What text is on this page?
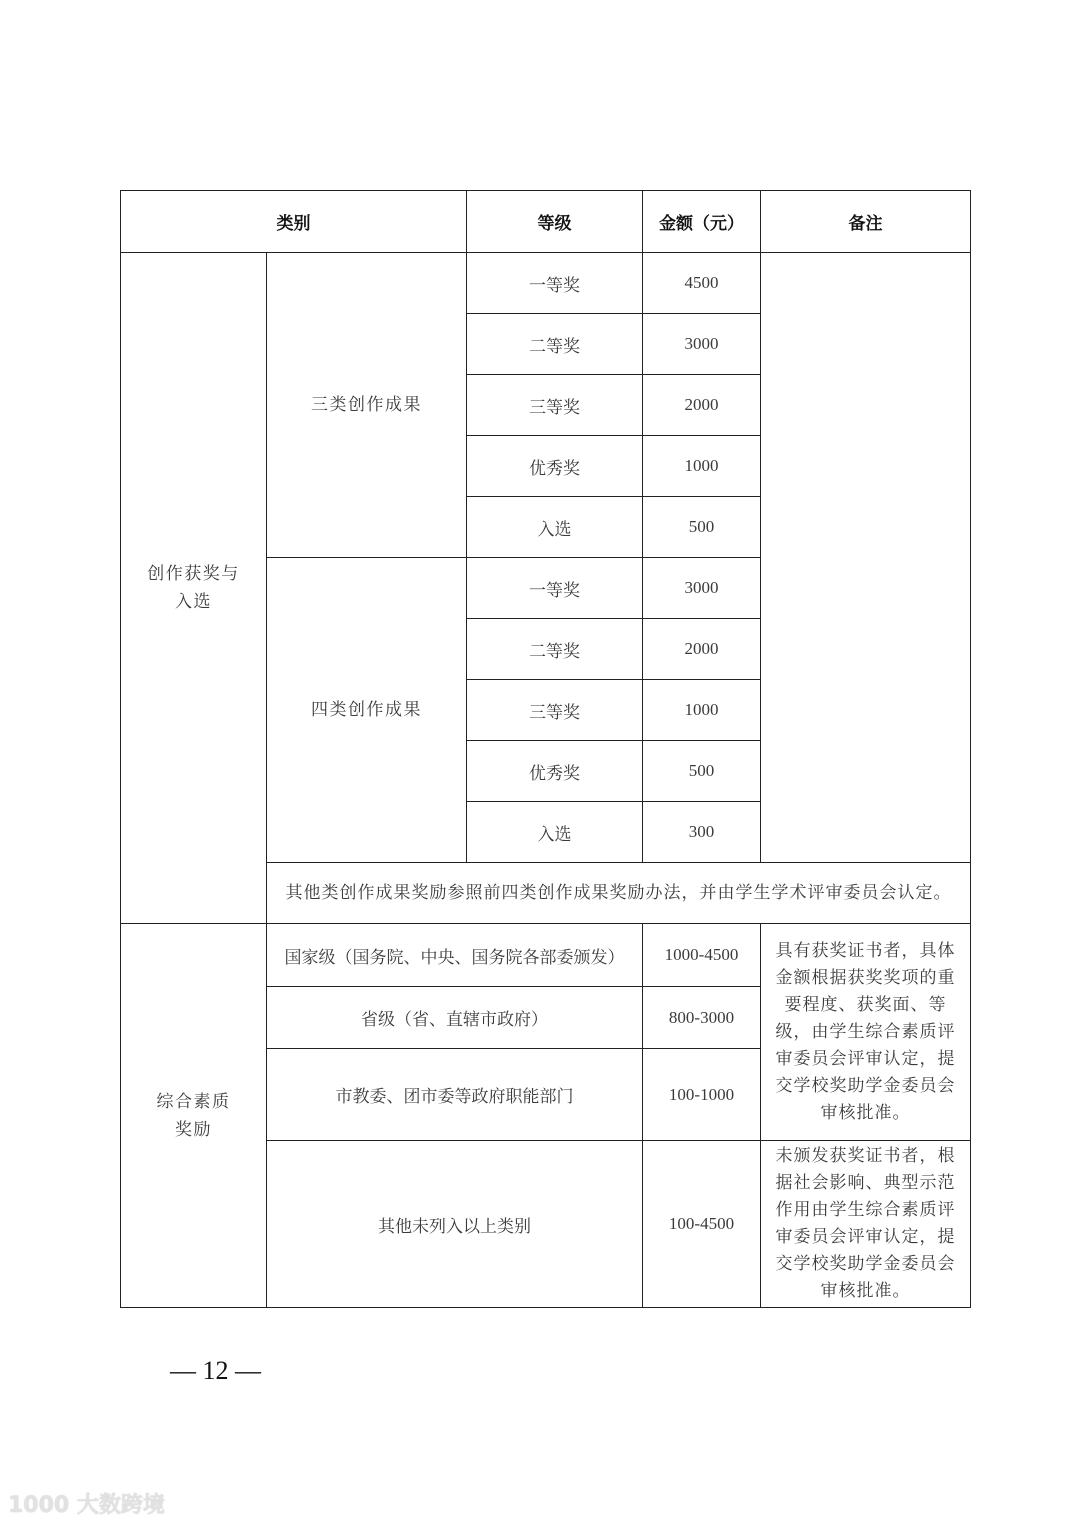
类别		等级	金额（元）	备注
创作获奖与入选	三类创作成果	一等奖	4500	
		二等奖	3000	
		三等奖	2000	
		优秀奖	1000	
		入选	500	
	四类创作成果	一等奖	3000	
		二等奖	2000	
		三等奖	1000	
		优秀奖	500	
		入选	300	
	其他类创作成果奖励参照前四类创作成果奖励办法，并由学生学术评审委员会认定。			
综合素质奖励	国家级（国务院、中央、国务院各部委颁发）		1000-4500	具有获奖证书者，具体金额根据获奖奖项的重要程度、获奖面、等级，由学生综合素质评审委员会评审认定，提交学校奖助学金委员会审核批准。
	省级（省、直辖市政府）		800-3000	
	市教委、团市委等政府职能部门		100-1000	
	其他未列入以上类别		100-4500	未颁发获奖证书者，根据社会影响、典型示范作用由学生综合素质评审委员会评审认定，提交学校奖助学金委员会审核批准。
— 12 —
1000 大数跨境
